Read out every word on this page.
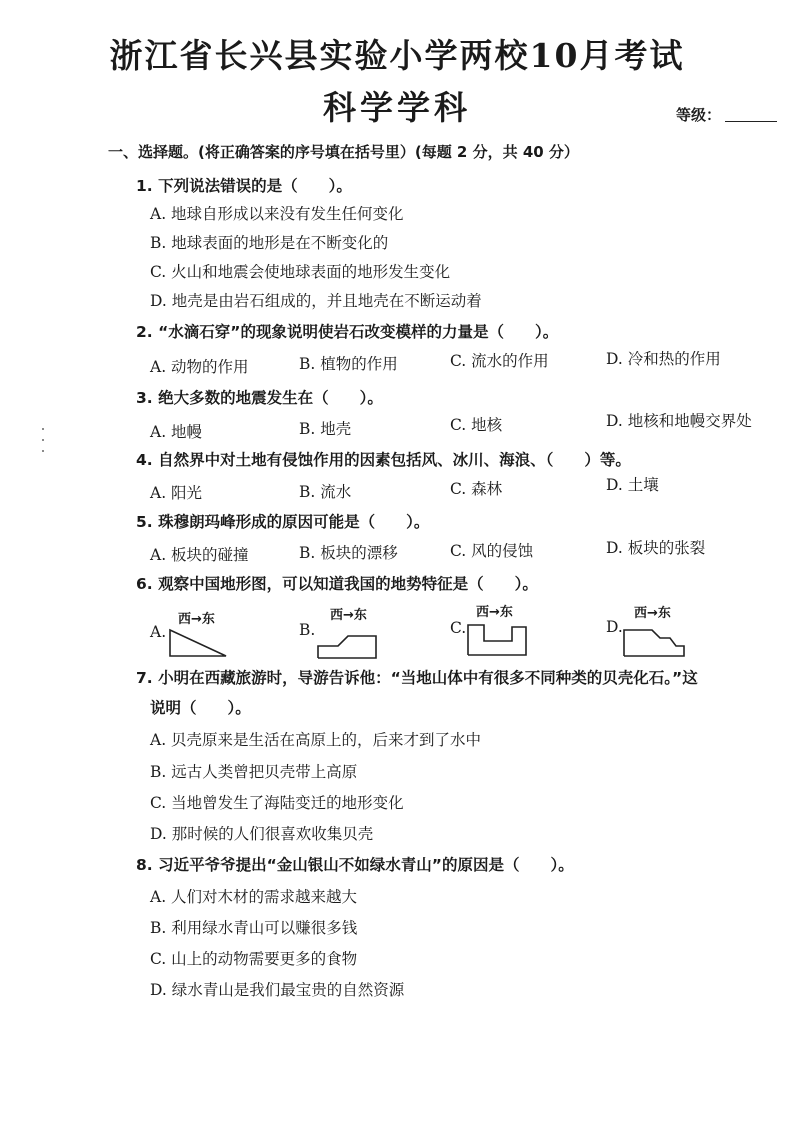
浙江省长兴县实验小学两校10月考试
科学学科	等级：
一、选择题。(将正确答案的序号填在括号里）(每题 2 分，共 40 分）
1. 下列说法错误的是（　　）。
A. 地球自形成以来没有发生任何变化
B. 地球表面的地形是在不断变化的
C. 火山和地震会使地球表面的地形发生变化
D. 地壳是由岩石组成的，并且地壳在不断运动着
2. “水滴石穿”的现象说明使岩石改变模样的力量是（　　）。
A. 动物的作用	B. 植物的作用	C. 流水的作用	D. 冷和热的作用
3. 绝大多数的地震发生在（　　）。
A. 地幔	B. 地壳	C. 地核	D. 地核和地幔交界处
4. 自然界中对土地有侵蚀作用的因素包括风、冰川、海浪、（　　）等。
A. 阳光	B. 流水	C. 森林	D. 土壤
5. 珠穆朗玛峰形成的原因可能是（　　）。
A. 板块的碰撞	B. 板块的漂移	C. 风的侵蚀	D. 板块的张裂
6. 观察中国地形图，可以知道我国的地势特征是（　　）。
A.
西→东
B.
西→东
C.
西→东
D.
西→东
7. 小明在西藏旅游时，导游告诉他：“当地山体中有很多不同种类的贝壳化石。”这
说明（　　）。
A. 贝壳原来是生活在高原上的，后来才到了水中
B. 远古人类曾把贝壳带上高原
C. 当地曾发生了海陆变迁的地形变化
D. 那时候的人们很喜欢收集贝壳
8. 习近平爷爷提出“金山银山不如绿水青山”的原因是（　　）。
A. 人们对木材的需求越来越大
B. 利用绿水青山可以赚很多钱
C. 山上的动物需要更多的食物
D. 绿水青山是我们最宝贵的自然资源
